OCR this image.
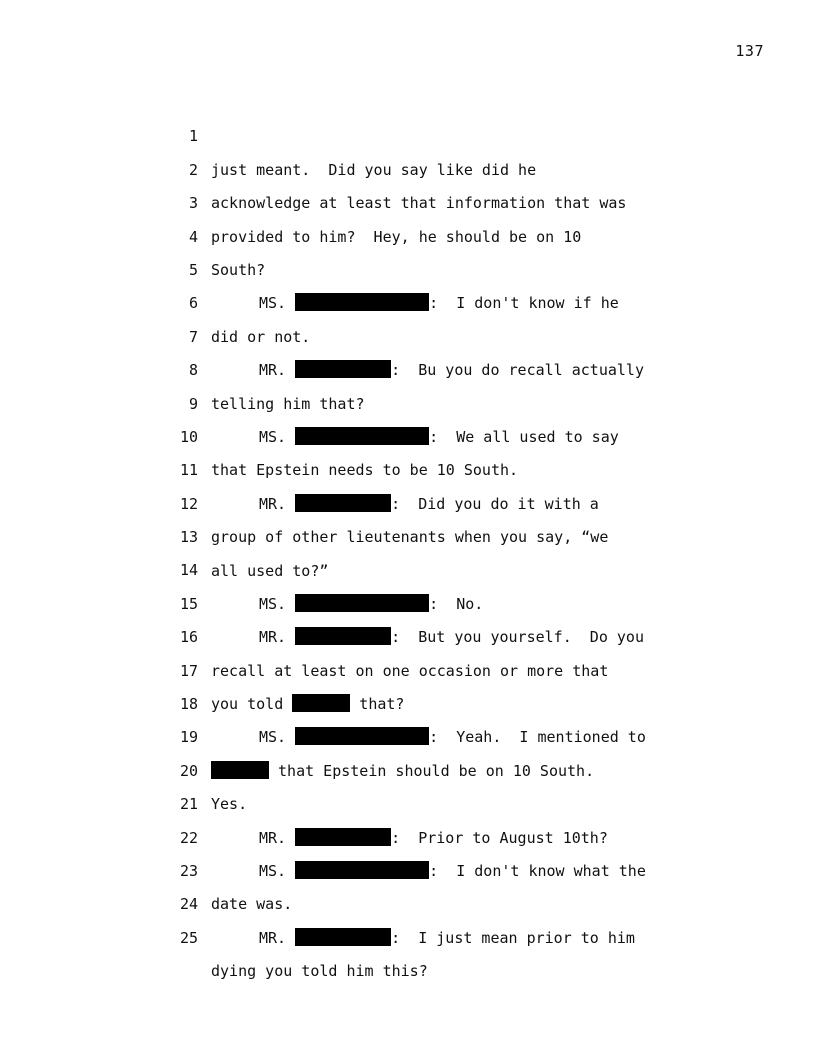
137

1

just meant.  Did you say like did he

2

acknowledge at least that information that was

3

provided to him?  Hey, he should be on 10

4

South?

5

MS.	:  I don't know if he

6

did or not.

7

MR.	:  Bu you do recall actually

8

telling him that?

9

MS.	:  We all used to say

10

that Epstein needs to be 10 South.

11

MR.	:  Did you do it with a

12

group of other lieutenants when you say, “we

13

all used to?”

14

MS.	:  No.

15

MR.	:  But you yourself.  Do you

16

recall at least on one occasion or more that

17

you told	that?

18

MS.	:  Yeah.  I mentioned to

19

that Epstein should be on 10 South.

20

Yes.

21

MR.	:  Prior to August 10th?

22

MS.	:  I don't know what the

23

date was.

24

MR.	:  I just mean prior to him

25

dying you told him this?
